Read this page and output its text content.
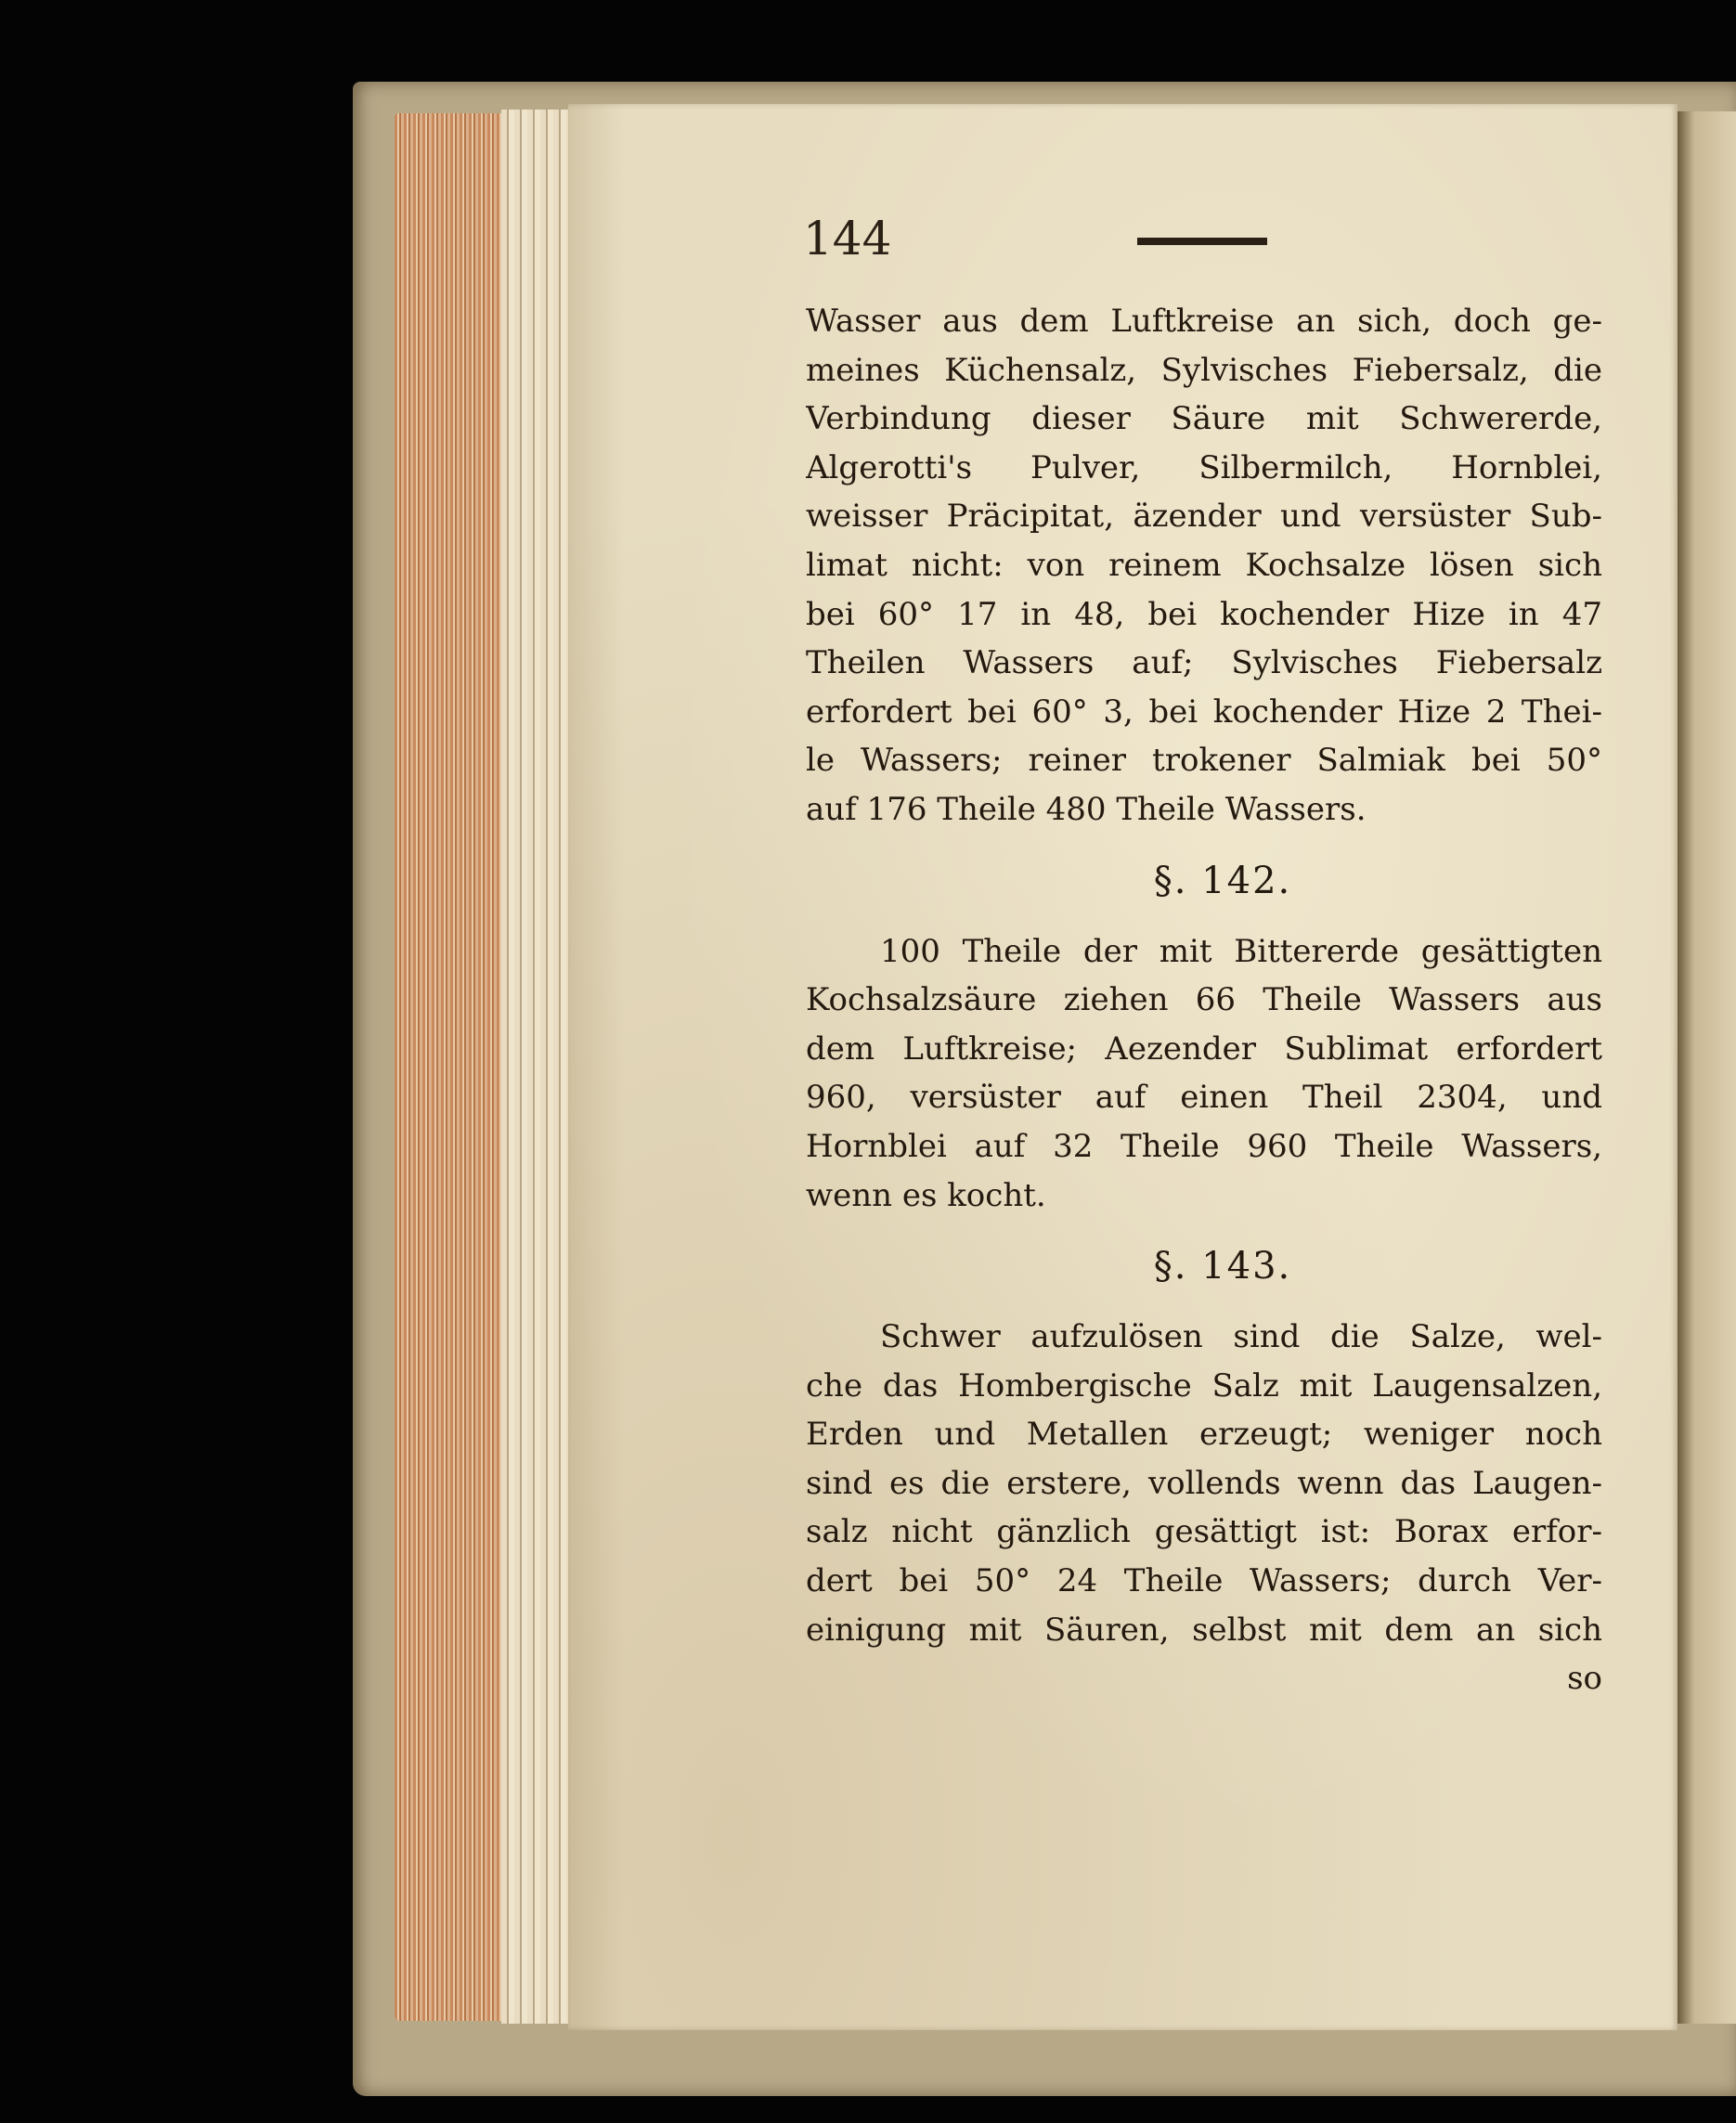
144
Wasser aus dem Luftkreise an sich, doch ge-
meines Küchensalz, Sylvisches Fiebersalz, die
Verbindung dieser Säure mit Schwererde,
Algerotti's Pulver, Silbermilch, Hornblei,
weisser Präcipitat, äzender und versüster Sub-
limat nicht: von reinem Kochsalze lösen sich
bei 60° 17 in 48, bei kochender Hize in 47
Theilen Wassers auf; Sylvisches Fiebersalz
erfordert bei 60° 3, bei kochender Hize 2 Thei-
le Wassers; reiner trokener Salmiak bei 50°
auf 176 Theile 480 Theile Wassers.
§. 142.
100 Theile der mit Bittererde gesättigten
Kochsalzsäure ziehen 66 Theile Wassers aus
dem Luftkreise; Aezender Sublimat erfordert
960, versüster auf einen Theil 2304, und
Hornblei auf 32 Theile 960 Theile Wassers,
wenn es kocht.
§. 143.
Schwer aufzulösen sind die Salze, wel-
che das Hombergische Salz mit Laugensalzen,
Erden und Metallen erzeugt; weniger noch
sind es die erstere, vollends wenn das Laugen-
salz nicht gänzlich gesättigt ist: Borax erfor-
dert bei 50° 24 Theile Wassers; durch Ver-
einigung mit Säuren, selbst mit dem an sich
so
